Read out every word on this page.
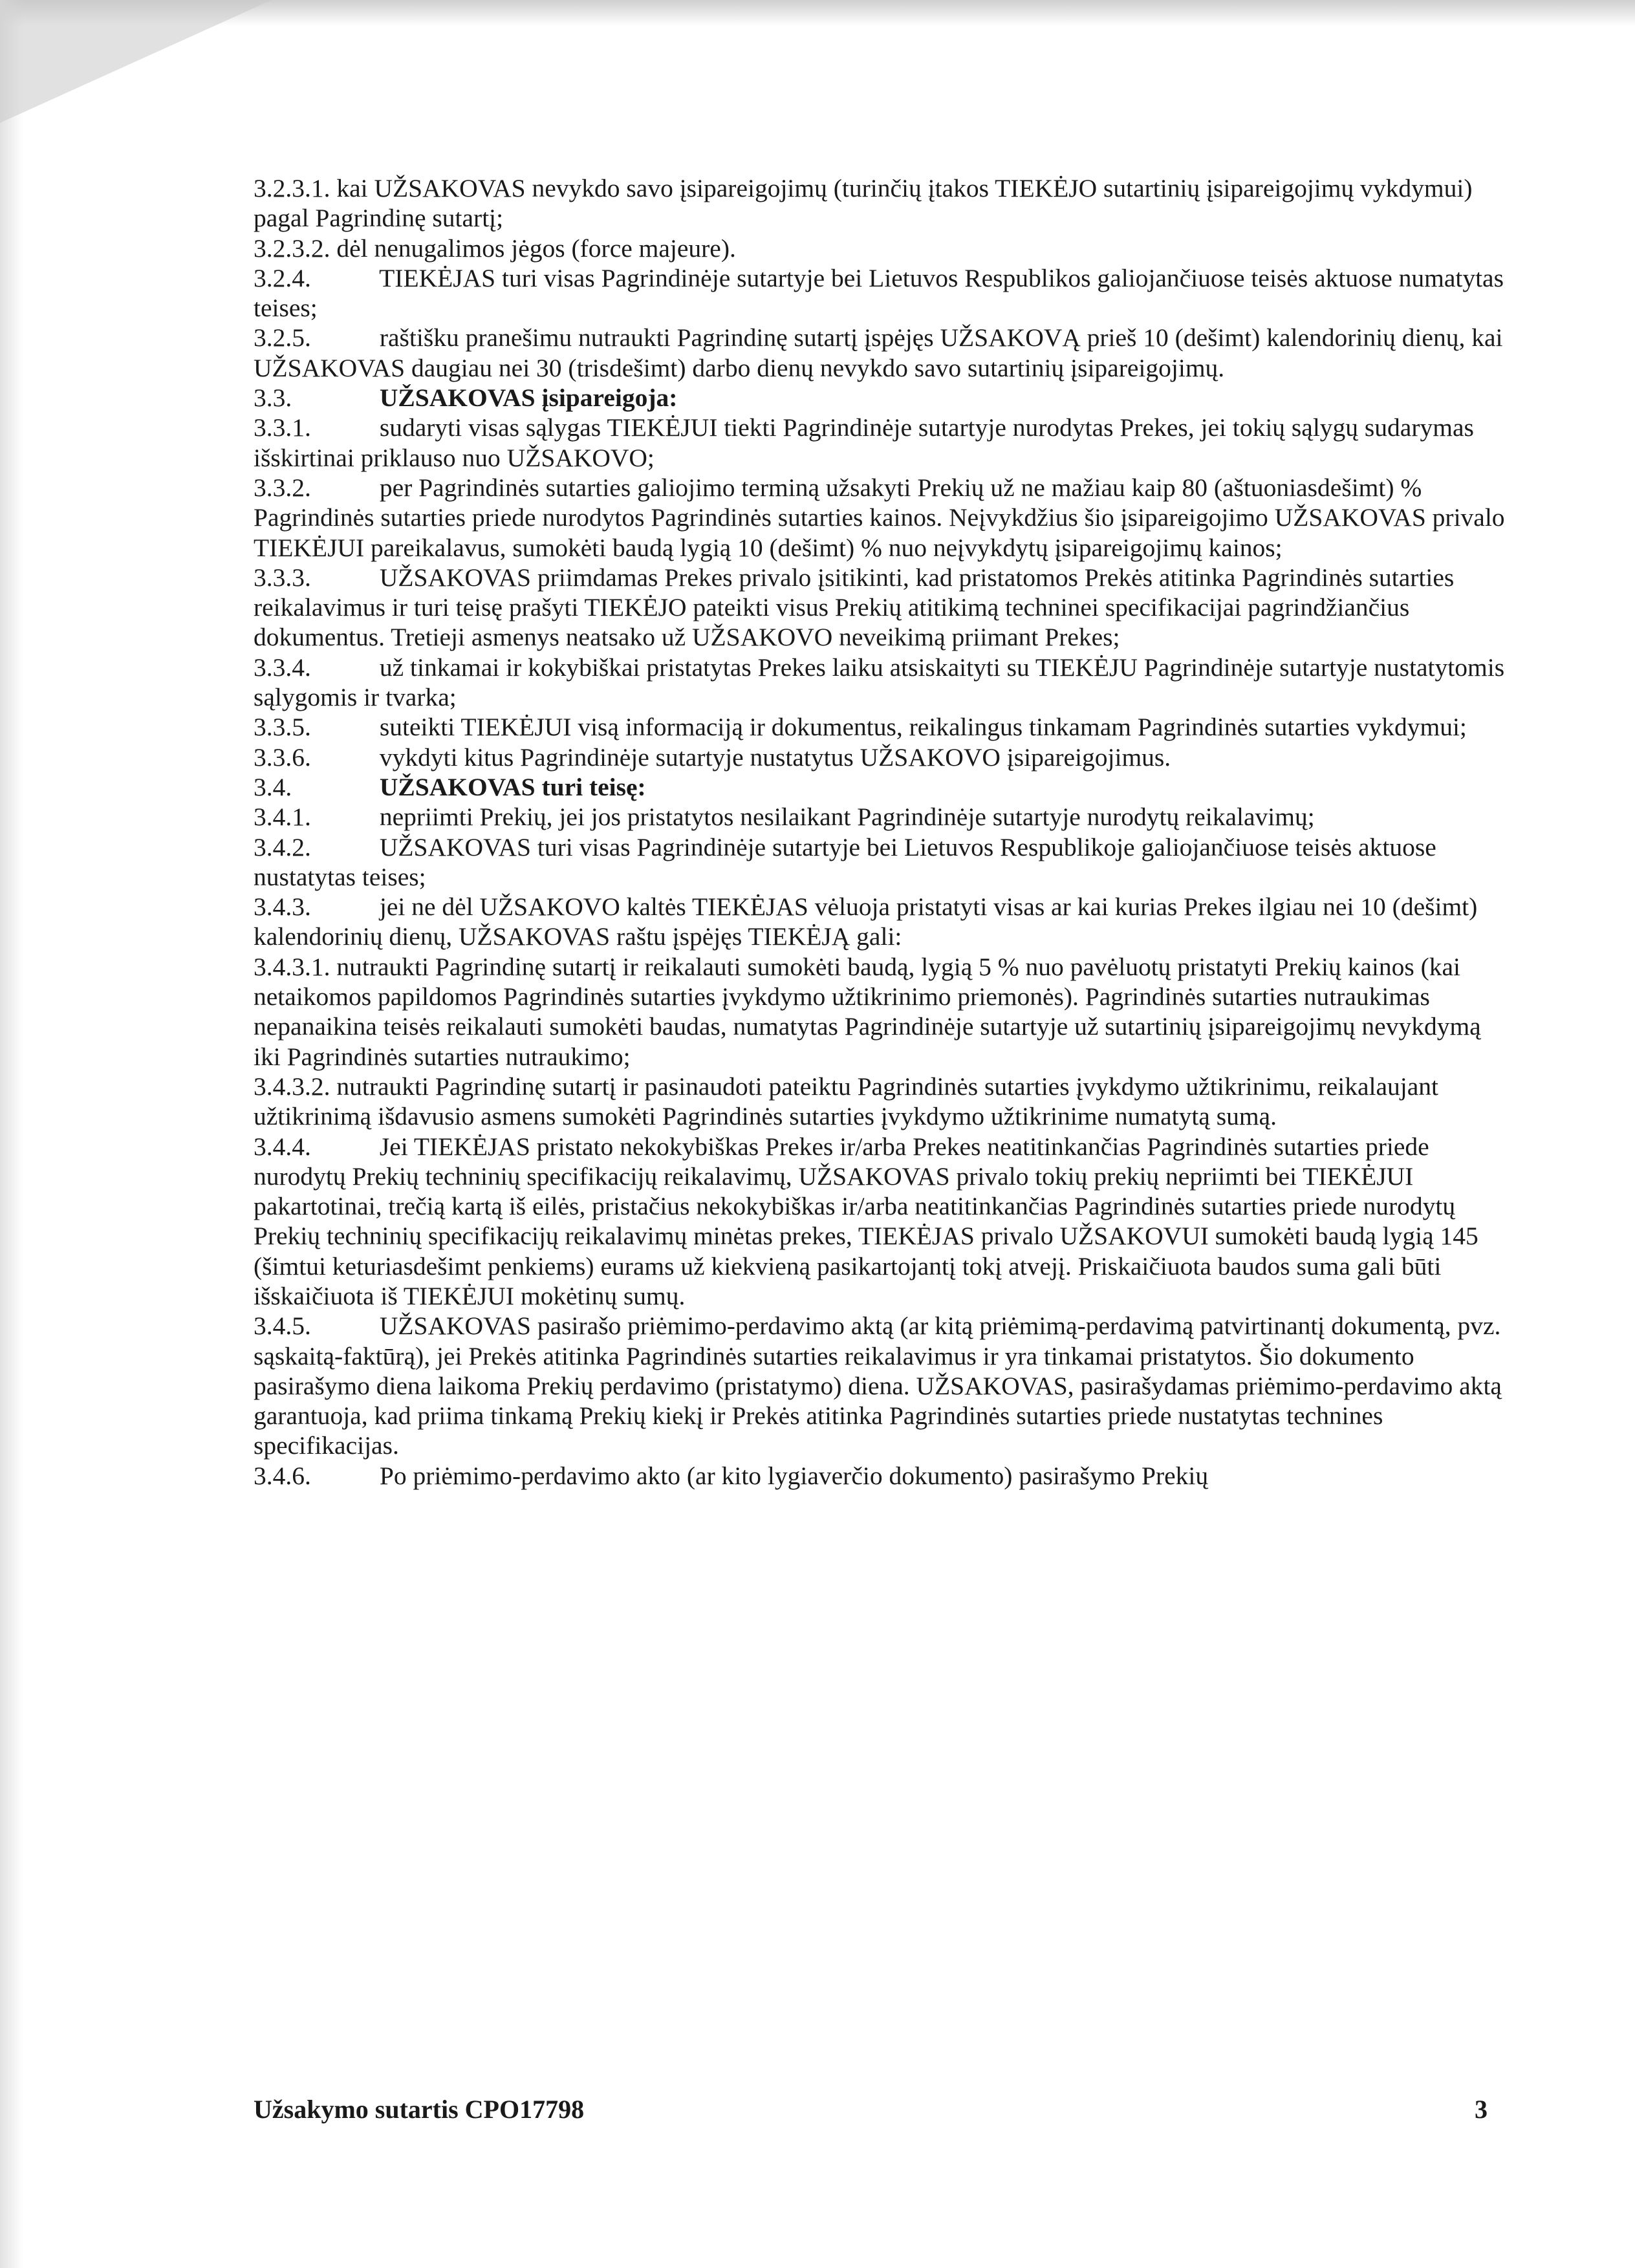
3.2.3.1. kai UŽSAKOVAS nevykdo savo įsipareigojimų (turinčių įtakos TIEKĖJO sutartinių įsipareigojimų vykdymui) pagal Pagrindinę sutartį;

3.2.3.2. dėl nenugalimos jėgos (force majeure).

3.2.4.	TIEKĖJAS turi visas Pagrindinėje sutartyje bei Lietuvos Respublikos galiojančiuose teisės aktuose numatytas teises;

3.2.5.	raštišku pranešimu nutraukti Pagrindinę sutartį įspėjęs UŽSAKOVĄ prieš 10 (dešimt) kalendorinių dienų, kai UŽSAKOVAS daugiau nei 30 (trisdešimt) darbo dienų nevykdo savo sutartinių įsipareigojimų.

3.3.	UŽSAKOVAS įsipareigoja:

3.3.1.	sudaryti visas sąlygas TIEKĖJUI tiekti Pagrindinėje sutartyje nurodytas Prekes, jei tokių sąlygų sudarymas išskirtinai priklauso nuo UŽSAKOVO;

3.3.2.	per Pagrindinės sutarties galiojimo terminą užsakyti Prekių už ne mažiau kaip 80 (aštuoniasdešimt) % Pagrindinės sutarties priede nurodytos Pagrindinės sutarties kainos. Neįvykdžius šio įsipareigojimo UŽSAKOVAS privalo TIEKĖJUI pareikalavus, sumokėti baudą lygią 10 (dešimt) % nuo neįvykdytų įsipareigojimų kainos;

3.3.3.	UŽSAKOVAS priimdamas Prekes privalo įsitikinti, kad pristatomos Prekės atitinka Pagrindinės sutarties reikalavimus ir turi teisę prašyti TIEKĖJO pateikti visus Prekių atitikimą techninei specifikacijai pagrindžiančius dokumentus. Tretieji asmenys neatsako už UŽSAKOVO neveikimą priimant Prekes;

3.3.4.	už tinkamai ir kokybiškai pristatytas Prekes laiku atsiskaityti su TIEKĖJU Pagrindinėje sutartyje nustatytomis sąlygomis ir tvarka;

3.3.5.	suteikti TIEKĖJUI visą informaciją ir dokumentus, reikalingus tinkamam Pagrindinės sutarties vykdymui;

3.3.6.	vykdyti kitus Pagrindinėje sutartyje nustatytus UŽSAKOVO įsipareigojimus.

3.4.	UŽSAKOVAS turi teisę:

3.4.1.	nepriimti Prekių, jei jos pristatytos nesilaikant Pagrindinėje sutartyje nurodytų reikalavimų;

3.4.2.	UŽSAKOVAS turi visas Pagrindinėje sutartyje bei Lietuvos Respublikoje galiojančiuose teisės aktuose nustatytas teises;

3.4.3.	jei ne dėl UŽSAKOVO kaltės TIEKĖJAS vėluoja pristatyti visas ar kai kurias Prekes ilgiau nei 10 (dešimt) kalendorinių dienų, UŽSAKOVAS raštu įspėjęs TIEKĖJĄ gali:

3.4.3.1. nutraukti Pagrindinę sutartį ir reikalauti sumokėti baudą, lygią 5 % nuo pavėluotų pristatyti Prekių kainos (kai netaikomos papildomos Pagrindinės sutarties įvykdymo užtikrinimo priemonės). Pagrindinės sutarties nutraukimas nepanaikina teisės reikalauti sumokėti baudas, numatytas Pagrindinėje sutartyje už sutartinių įsipareigojimų nevykdymą iki Pagrindinės sutarties nutraukimo;

3.4.3.2. nutraukti Pagrindinę sutartį ir pasinaudoti pateiktu Pagrindinės sutarties įvykdymo užtikrinimu, reikalaujant užtikrinimą išdavusio asmens sumokėti Pagrindinės sutarties įvykdymo užtikrinime numatytą sumą.

3.4.4.	Jei TIEKĖJAS pristato nekokybiškas Prekes ir/arba Prekes neatitinkančias Pagrindinės sutarties priede nurodytų Prekių techninių specifikacijų reikalavimų, UŽSAKOVAS privalo tokių prekių nepriimti bei TIEKĖJUI pakartotinai, trečią kartą iš eilės, pristačius nekokybiškas ir/arba neatitinkančias Pagrindinės sutarties priede nurodytų Prekių techninių specifikacijų reikalavimų minėtas prekes, TIEKĖJAS privalo UŽSAKOVUI sumokėti baudą lygią 145 (šimtui keturiasdešimt penkiems) eurams už kiekvieną pasikartojantį tokį atvejį. Priskaičiuota baudos suma gali būti išskaičiuota iš TIEKĖJUI mokėtinų sumų.

3.4.5.	UŽSAKOVAS pasirašo priėmimo-perdavimo aktą (ar kitą priėmimą-perdavimą patvirtinantį dokumentą, pvz. sąskaitą-faktūrą), jei Prekės atitinka Pagrindinės sutarties reikalavimus ir yra tinkamai pristatytos. Šio dokumento pasirašymo diena laikoma Prekių perdavimo (pristatymo) diena. UŽSAKOVAS, pasirašydamas priėmimo-perdavimo aktą garantuoja, kad priima tinkamą Prekių kiekį ir Prekės atitinka Pagrindinės sutarties priede nustatytas technines specifikacijas.

3.4.6.	Po priėmimo-perdavimo akto (ar kito lygiaverčio dokumento) pasirašymo Prekių

Užsakymo sutartis CPO17798	3
